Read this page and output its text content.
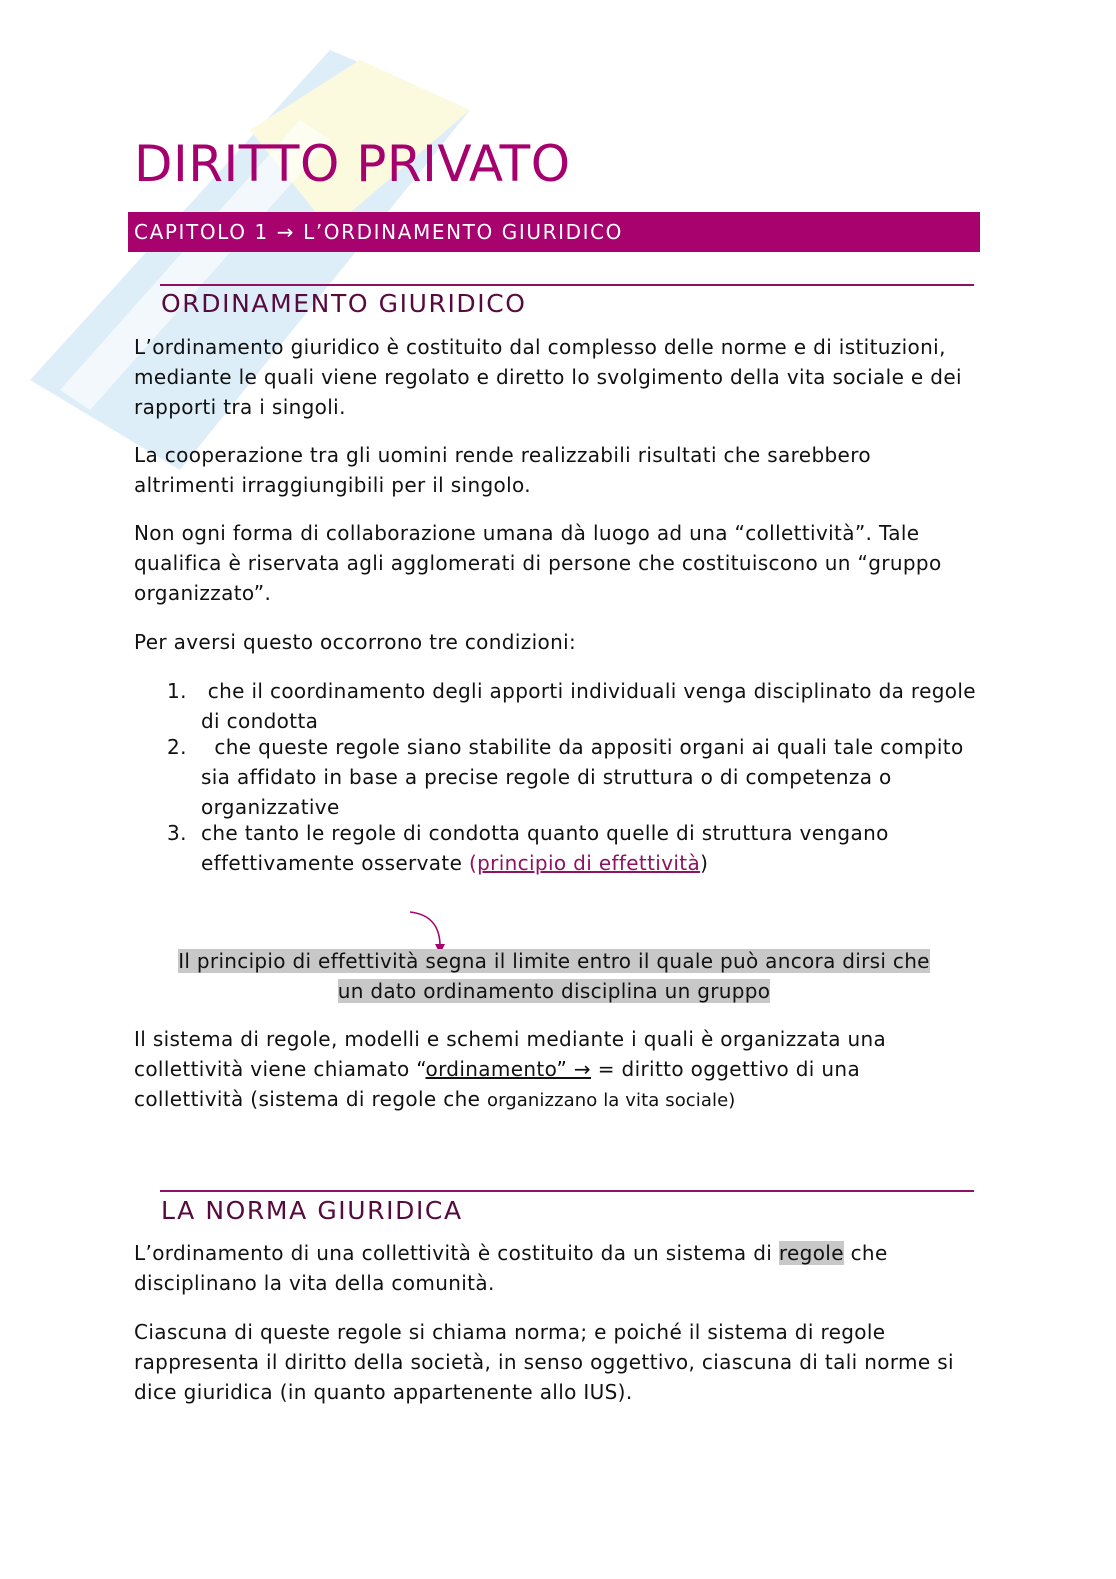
DIRITTO PRIVATO
CAPITOLO 1 → L’ORDINAMENTO GIURIDICO
ORDINAMENTO GIURIDICO

L’ordinamento giuridico è costituito dal complesso delle norme e di istituzioni, mediante le quali viene regolato e diretto lo svolgimento della vita sociale e dei rapporti tra i singoli.

La cooperazione tra gli uomini rende realizzabili risultati che sarebbero altrimenti irraggiungibili per il singolo.

Non ogni forma di collaborazione umana dà luogo ad una “collettività”. Tale qualifica è riservata agli agglomerati di persone che costituiscono un “gruppo organizzato”.

Per aversi questo occorrono tre condizioni:

1. che il coordinamento degli apporti individuali venga disciplinato da regole di condotta
2. che queste regole siano stabilite da appositi organi ai quali tale compito sia affidato in base a precise regole di struttura o di competenza o organizzative
3. che tanto le regole di condotta quanto quelle di struttura vengano effettivamente osservate (principio di effettività)
Il principio di effettività segna il limite entro il quale può ancora dirsi che
un dato ordinamento disciplina un gruppo
Il sistema di regole, modelli e schemi mediante i quali è organizzata una
collettività viene chiamato “ordinamento” → = diritto oggettivo di una
collettività (sistema di regole che organizzano la vita sociale)
LA NORMA GIURIDICA
L’ordinamento di una collettività è costituito da un sistema di regole che
disciplinano la vita della comunità.

Ciascuna di queste regole si chiama norma; e poiché il sistema di regole rappresenta il diritto della società, in senso oggettivo, ciascuna di tali norme si dice giuridica (in quanto appartenente allo IUS).
